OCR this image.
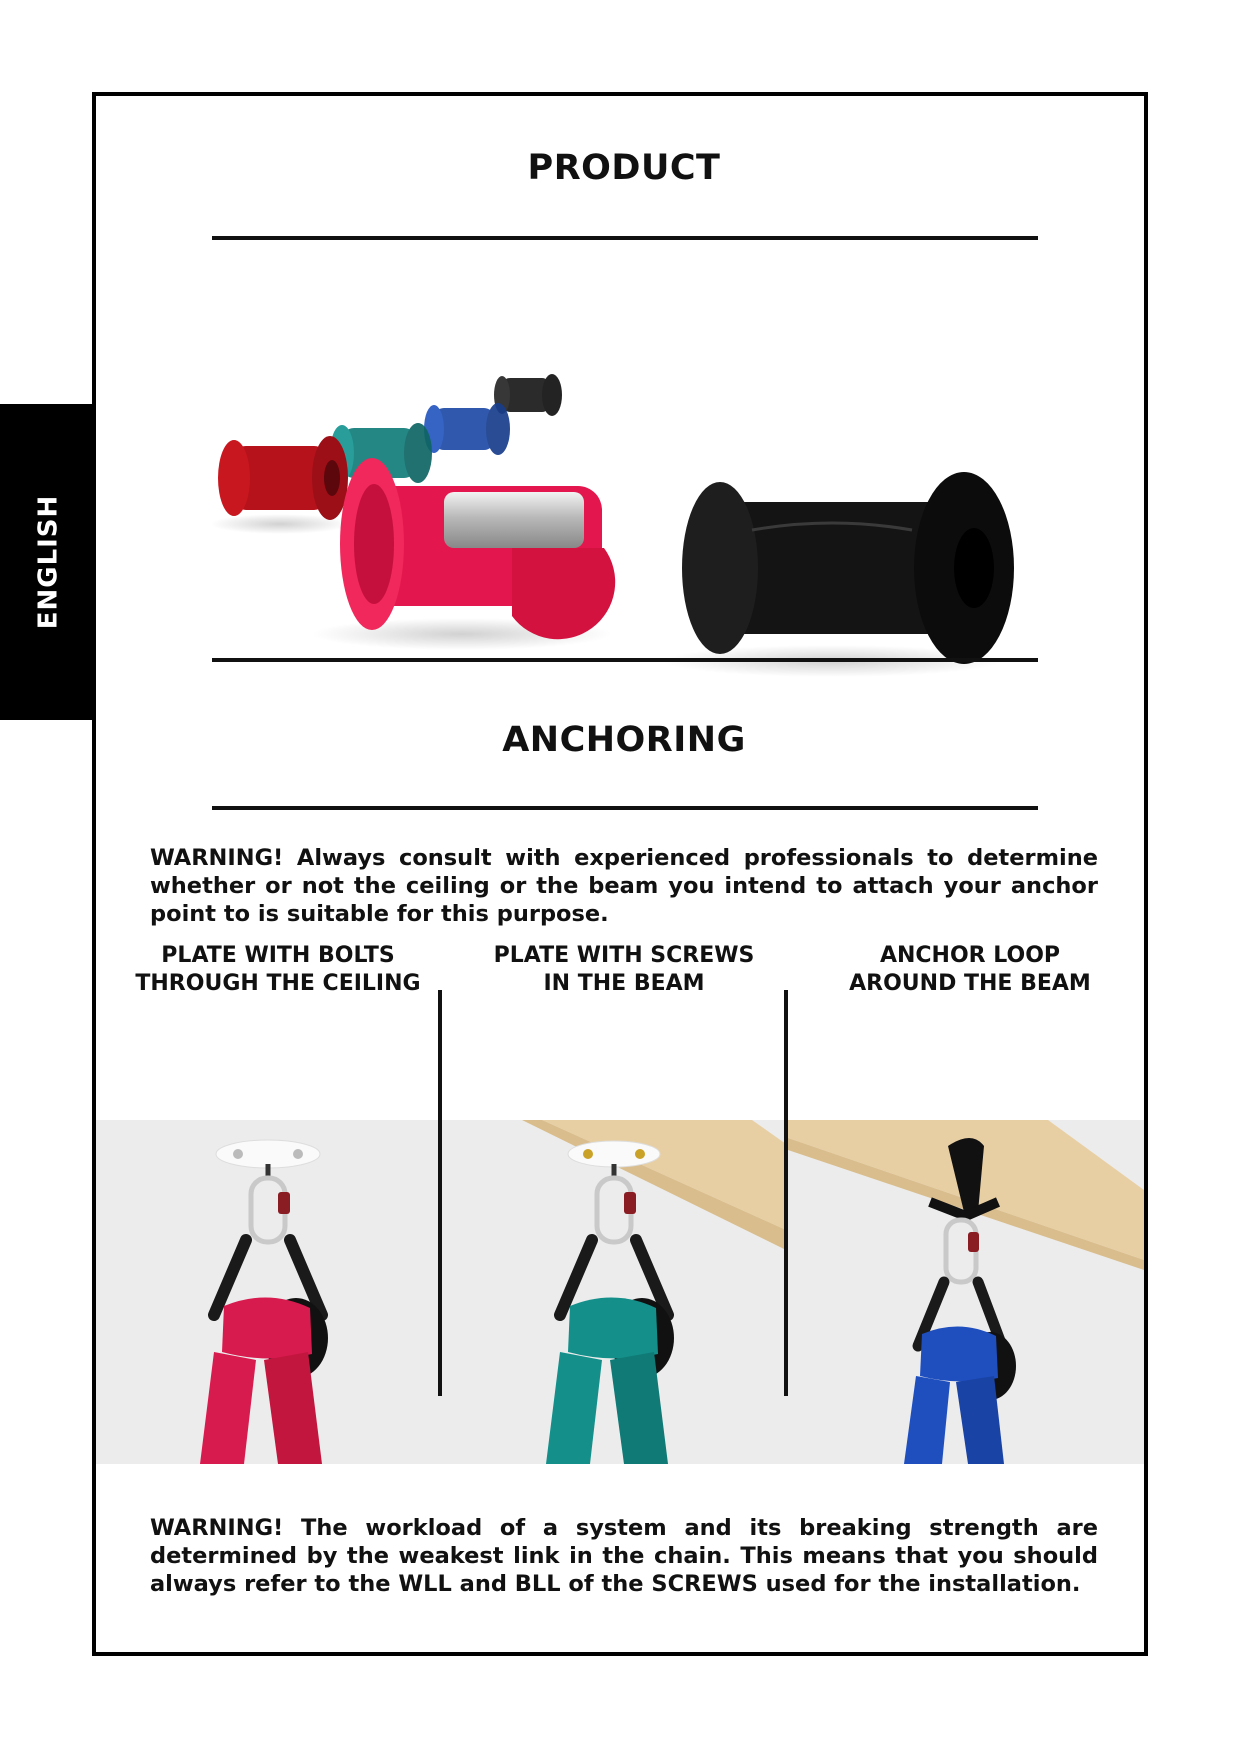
ENGLISH
PRODUCT
ANCHORING
WARNING! Always consult with experienced professionals to determine whether or not the ceiling or the beam you intend to attach your anchor point to is suitable for this purpose.
PLATE WITH BOLTS
THROUGH THE CEILING
PLATE WITH SCREWS
IN THE BEAM
ANCHOR LOOP
AROUND THE BEAM
WARNING! The workload of a system and its breaking strength are determined by the weakest link in the chain. This means that you should always refer to the WLL and BLL of the SCREWS used for the installation.
